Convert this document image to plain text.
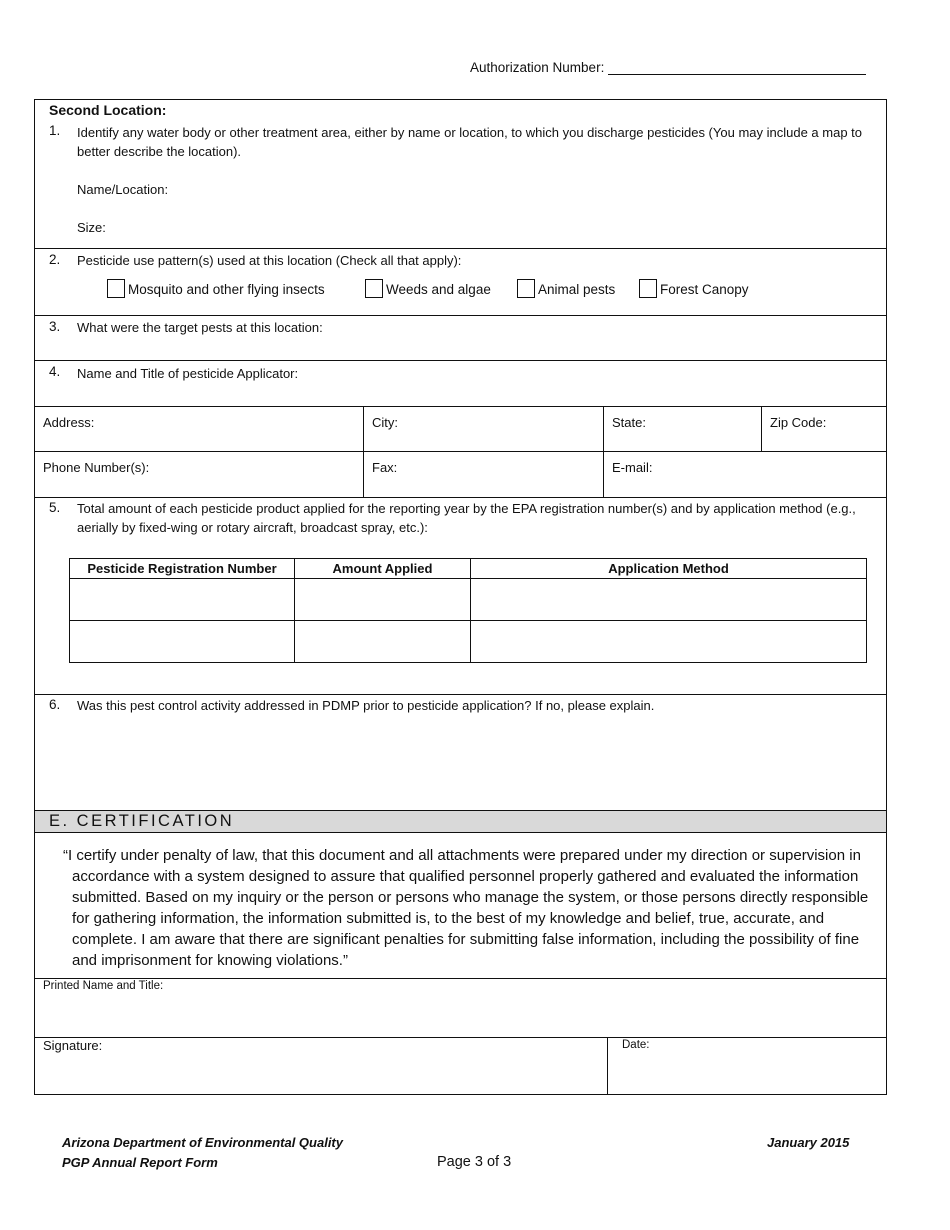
Authorization Number:
Second Location:
1. Identify any water body or other treatment area, either by name or location, to which you discharge pesticides (You may include a map to better describe the location).
Name/Location:
Size:
2. Pesticide use pattern(s) used at this location (Check all that apply):
Mosquito and other flying insects	Weeds and algae	Animal pests	Forest Canopy
3. What were the target pests at this location:
4. Name and Title of pesticide Applicator:
Address:	City:	State:	Zip Code:
Phone Number(s):	Fax:	E-mail:
5. Total amount of each pesticide product applied for the reporting year by the EPA registration number(s) and by application method (e.g., aerially by fixed-wing or rotary aircraft, broadcast spray, etc.):
Pesticide Registration Number	Amount Applied	Application Method

6. Was this pest control activity addressed in PDMP prior to pesticide application? If no, please explain.
E. CERTIFICATION

“I certify under penalty of law, that this document and all attachments were prepared under my direction or supervision in accordance with a system designed to assure that qualified personnel properly gathered and evaluated the information submitted. Based on my inquiry or the person or persons who manage the system, or those persons directly responsible for gathering information, the information submitted is, to the best of my knowledge and belief, true, accurate, and complete. I am aware that there are significant penalties for submitting false information, including the possibility of fine and imprisonment for knowing violations.”

Printed Name and Title:
Signature:	Date:
Arizona Department of Environmental Quality
PGP Annual Report Form	Page 3 of 3
January 2015
